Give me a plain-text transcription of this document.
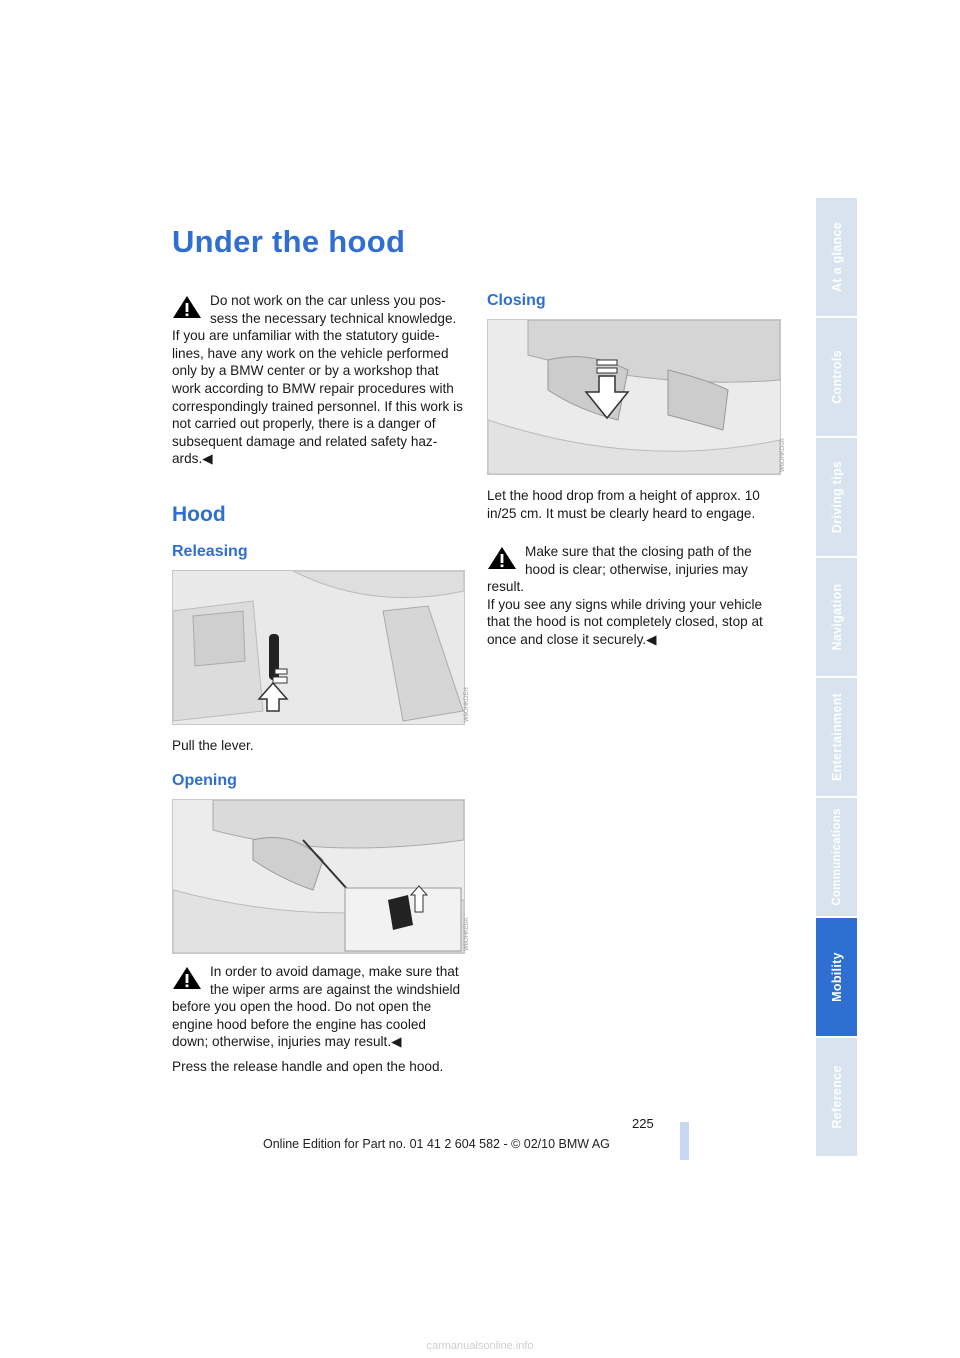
Under the hood
Do not work on the car unless you pos-
sess the necessary technical knowledge.
If you are unfamiliar with the statutory guide-lines, have any work on the vehicle performed only by a BMW center or by a workshop that work according to BMW repair procedures with correspondingly trained personnel. If this work is not carried out properly, there is a danger of subsequent damage and related safety haz-ards.◀
Hood
Releasing
W6OHKDEH
Pull the lever.
Opening
W6OHKE0A
In order to avoid damage, make sure that
the wiper arms are against the windshield
before you open the hood. Do not open the engine hood before the engine has cooled down; otherwise, injuries may result.◀
Press the release handle and open the hood.
Closing
W6OHKD0A
Let the hood drop from a height of approx. 10 in/25 cm. It must be clearly heard to engage.
Make sure that the closing path of the
hood is clear; otherwise, injuries may
result.
If you see any signs while driving your vehicle that the hood is not completely closed, stop at once and close it securely.◀
At a glance
Controls
Driving tips
Navigation
Entertainment
Communications
Mobility
Reference
225
Online Edition for Part no. 01 41 2 604 582 - © 02/10 BMW AG
carmanualsonline.info
